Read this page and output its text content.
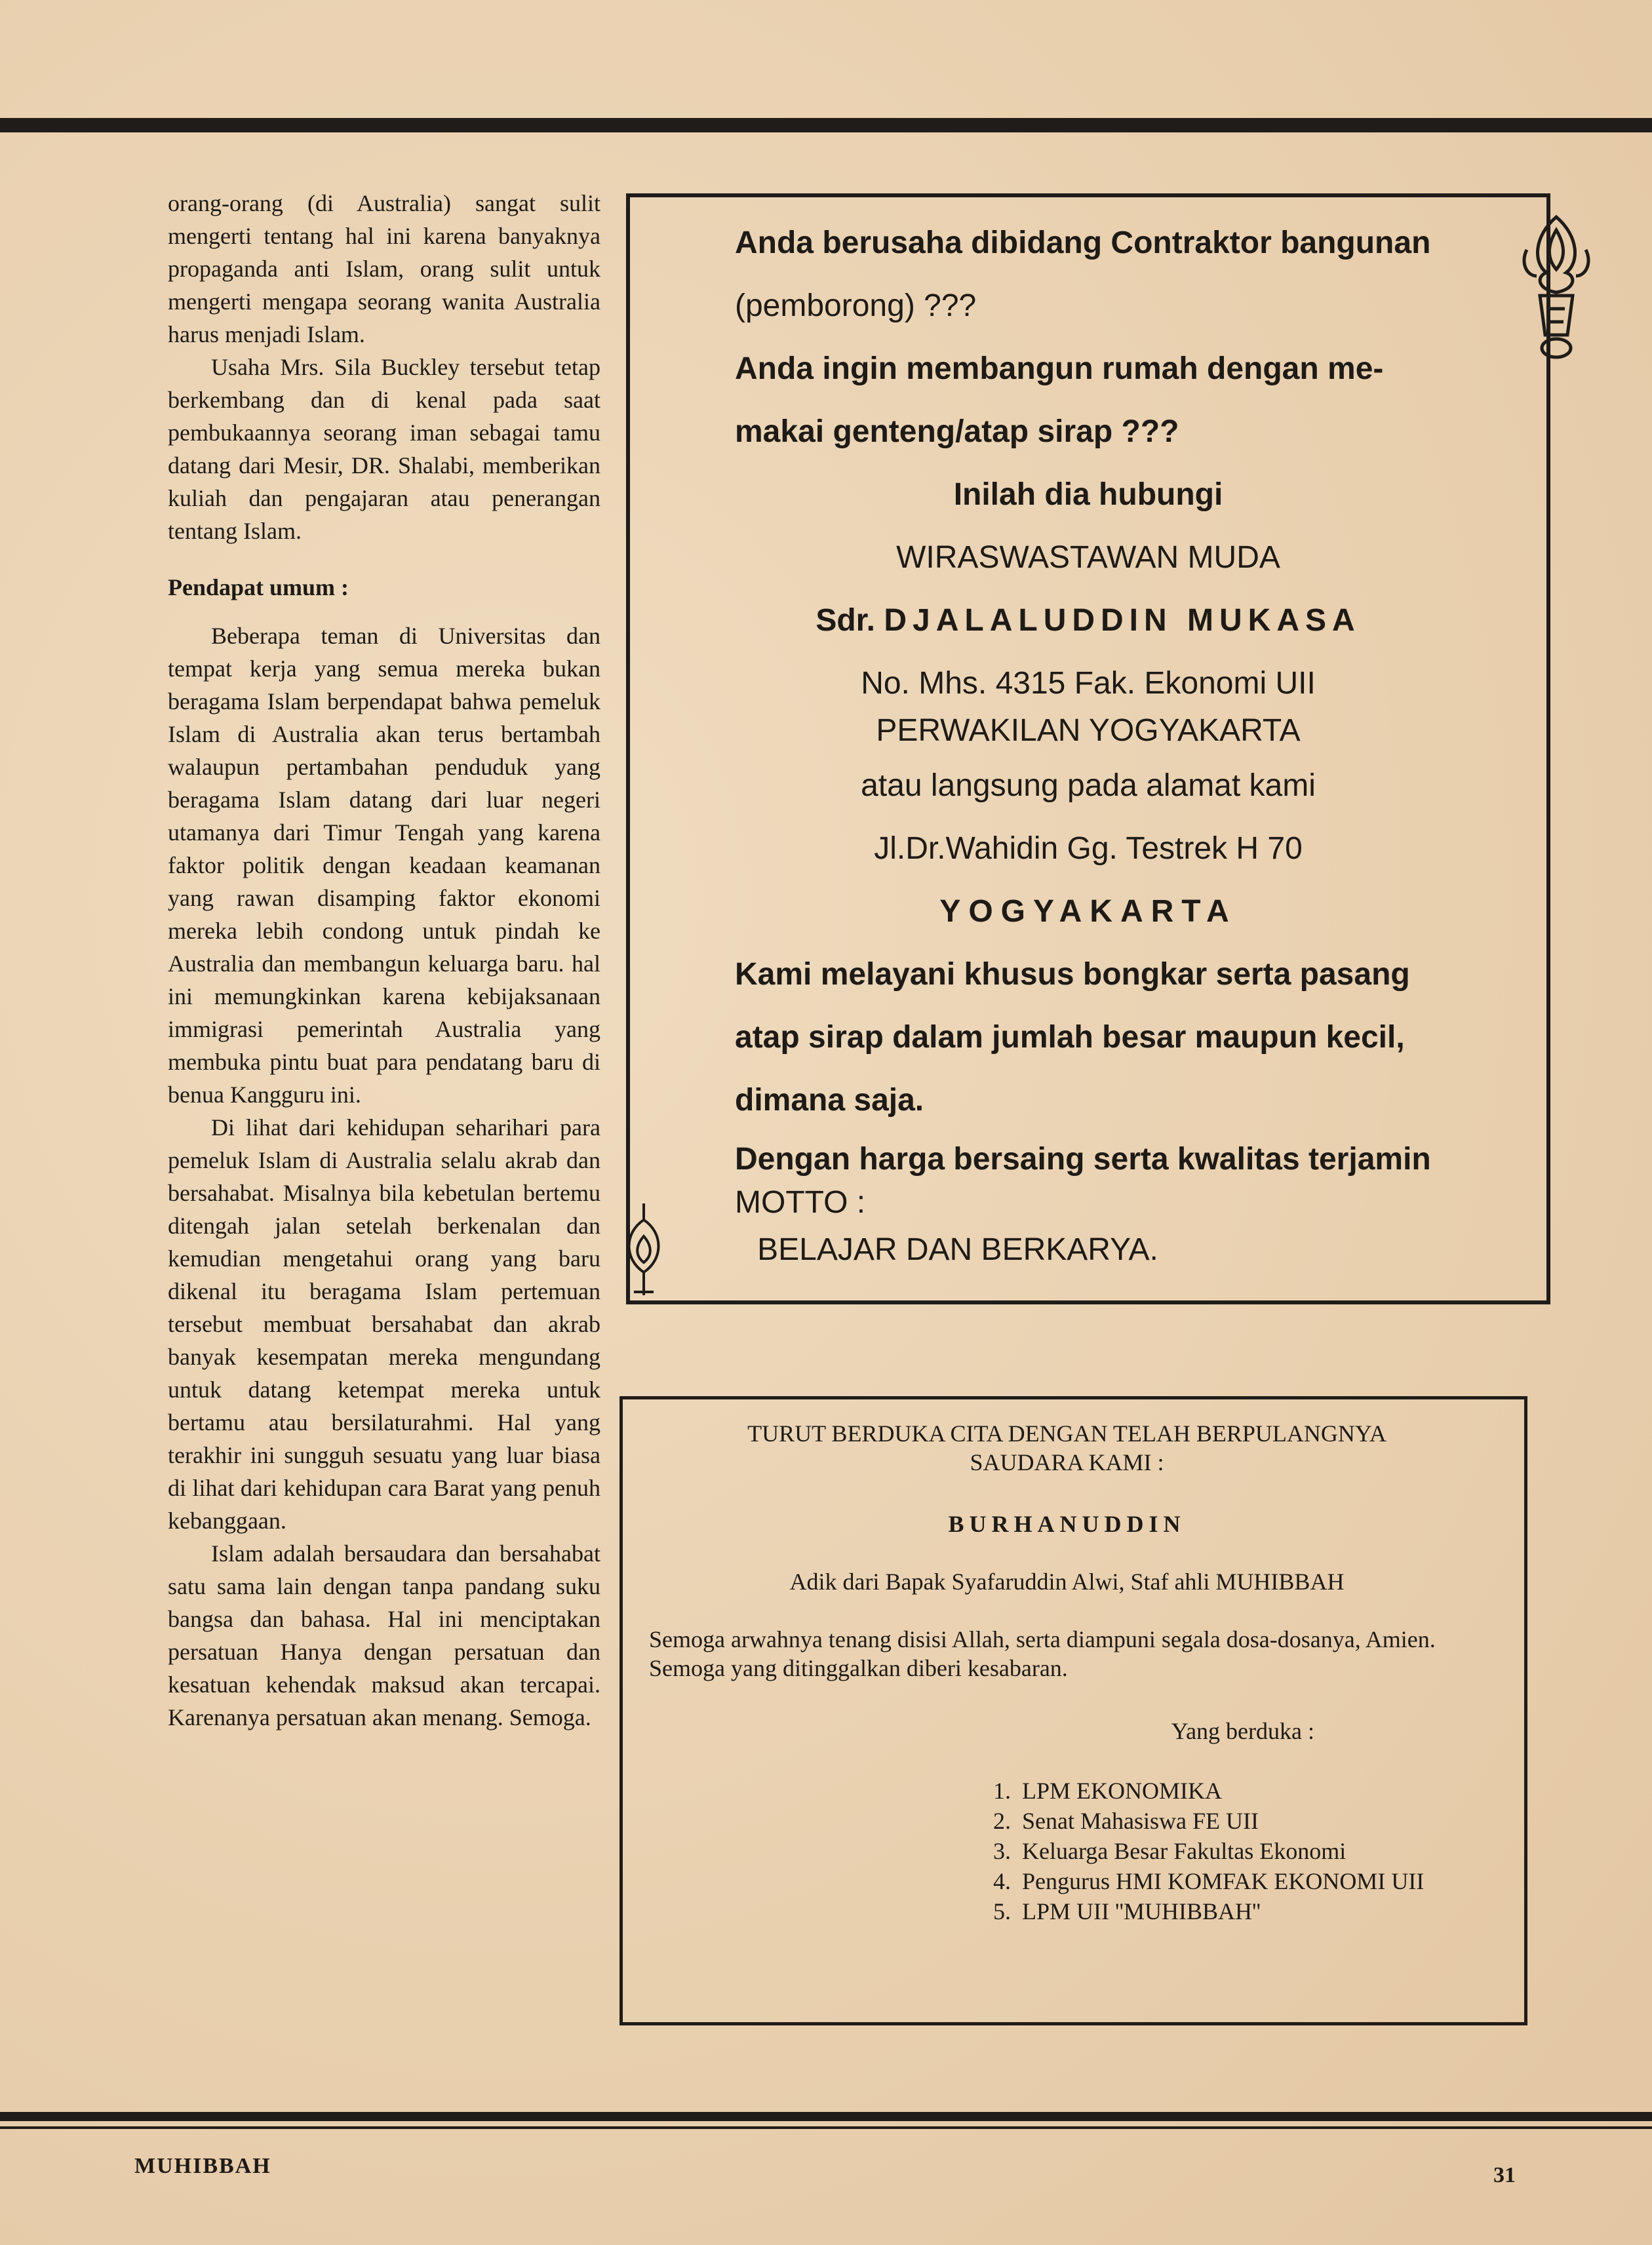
orang-orang (di Australia) sangat sulit mengerti tentang hal ini karena banyaknya propaganda anti Islam, orang sulit untuk mengerti mengapa seorang wanita Australia harus menjadi Islam.

Usaha Mrs. Sila Buckley tersebut tetap berkembang dan di kenal pada saat pembukaannya seorang iman sebagai tamu datang dari Mesir, DR. Shalabi, memberikan kuliah dan pengajaran atau penerangan tentang Islam.

Pendapat umum :

Beberapa teman di Universitas dan tempat kerja yang semua mereka bukan beragama Islam berpendapat bahwa pemeluk Islam di Australia akan terus bertambah walaupun pertambahan penduduk yang beragama Islam datang dari luar negeri utamanya dari Timur Tengah yang karena faktor politik dengan keadaan keamanan yang rawan disamping faktor ekonomi mereka lebih condong untuk pindah ke Australia dan membangun keluarga baru. hal ini memungkinkan karena kebijaksanaan immigrasi pemerintah Australia yang membuka pintu buat para pendatang baru di benua Kangguru ini.

Di lihat dari kehidupan seharihari para pemeluk Islam di Australia selalu akrab dan bersahabat. Misalnya bila kebetulan bertemu ditengah jalan setelah berkenalan dan kemudian mengetahui orang yang baru dikenal itu beragama Islam pertemuan tersebut membuat bersahabat dan akrab banyak kesempatan mereka mengundang untuk datang ketempat mereka untuk bertamu atau bersilaturahmi. Hal yang terakhir ini sungguh sesuatu yang luar biasa di lihat dari kehidupan cara Barat yang penuh kebanggaan.

Islam adalah bersaudara dan bersahabat satu sama lain dengan tanpa pandang suku bangsa dan bahasa. Hal ini menciptakan persatuan Hanya dengan persatuan dan kesatuan kehendak maksud akan tercapai. Karenanya persatuan akan menang. Semoga.

Anda berusaha dibidang Contraktor bangunan
(pemborong) ???
Anda ingin membangun rumah dengan me-
makai genteng/atap sirap ???
Inilah dia hubungi
WIRASWASTAWAN MUDA
Sdr. DJALALUDDIN MUKASA
No. Mhs. 4315 Fak. Ekonomi UII
PERWAKILAN YOGYAKARTA
atau langsung pada alamat kami
Jl.Dr.Wahidin Gg. Testrek H 70
YOGYAKARTA
Kami melayani khusus bongkar serta pasang
atap sirap dalam jumlah besar maupun kecil,
dimana saja.
Dengan harga bersaing serta kwalitas terjamin
MOTTO :
BELAJAR DAN BERKARYA.

TURUT BERDUKA CITA DENGAN TELAH BERPULANGNYA

SAUDARA KAMI :

BURHANUDDIN

Adik dari Bapak Syafaruddin Alwi, Staf ahli MUHIBBAH

Semoga arwahnya tenang disisi Allah, serta diampuni segala dosa-dosanya, Amien.

Semoga yang ditinggalkan diberi kesabaran.

Yang berduka :

1. LPM EKONOMIKA
2. Senat Mahasiswa FE UII
3. Keluarga Besar Fakultas Ekonomi
4. Pengurus HMI KOMFAK EKONOMI UII
5. LPM UII ''MUHIBBAH''
MUHIBBAH	31
